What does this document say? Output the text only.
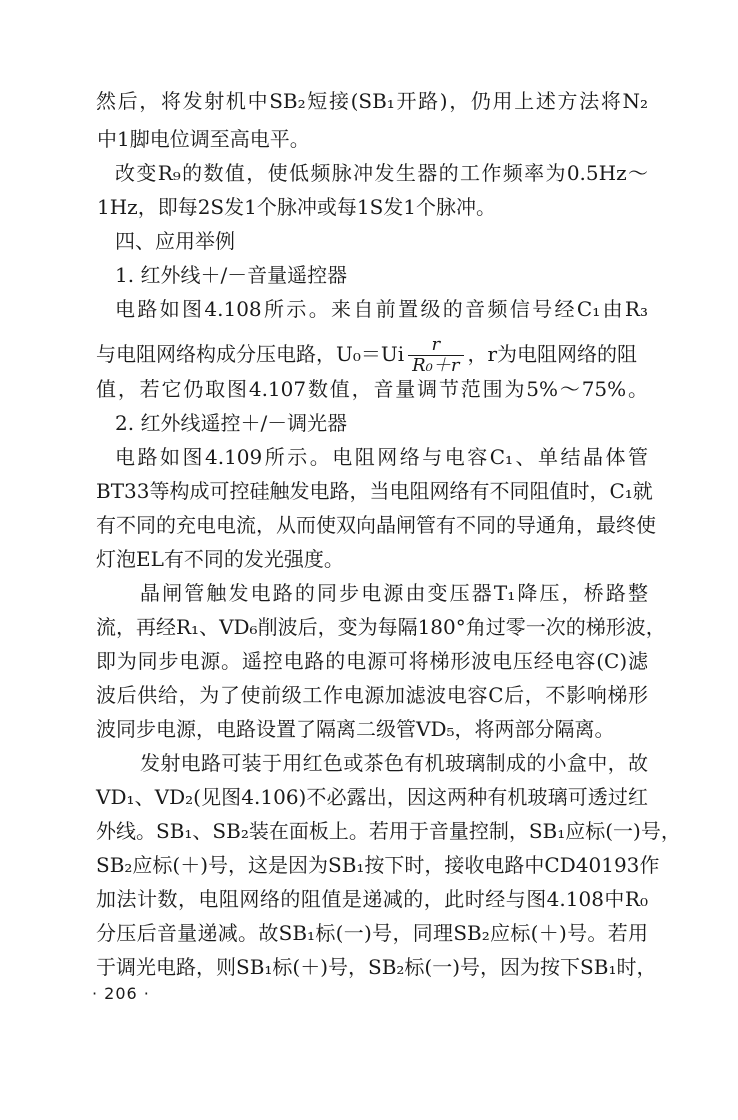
然后，将发射机中SB₂短接(SB₁开路)，仍用上述方法将N₂
中1脚电位调至高电平。
改变R₉的数值，使低频脉冲发生器的工作频率为0.5Hz～
1Hz，即每2S发1个脉冲或每1S发1个脉冲。
四、应用举例
1. 红外线＋/－音量遥控器
电路如图4.108所示。来自前置级的音频信号经C₁由R₃
与电阻网络构成分压电路，$U_0=Ui \frac{r}{\text{R₀＋r}}$ ，r为电阻网络的阻
值，若它仍取图4.107数值，音量调节范围为5%～75%。
2. 红外线遥控＋/－调光器
电路如图4.109所示。电阻网络与电容C₁、单结晶体管
BT33等构成可控硅触发电路，当电阻网络有不同阻值时，C₁就
有不同的充电电流，从而使双向晶闸管有不同的导通角，最终使
灯泡EL有不同的发光强度。
晶闸管触发电路的同步电源由变压器T₁降压，桥路整
流，再经R₁、VD₆削波后，变为每隔180°角过零一次的梯形波，
即为同步电源。遥控电路的电源可将梯形波电压经电容(C)滤
波后供给，为了使前级工作电源加滤波电容C后，不影响梯形
波同步电源，电路设置了隔离二级管VD₅，将两部分隔离。
发射电路可装于用红色或茶色有机玻璃制成的小盒中，故
VD₁、VD₂(见图4.106)不必露出，因这两种有机玻璃可透过红
外线。SB₁、SB₂装在面板上。若用于音量控制，SB₁应标(一)号，
SB₂应标(＋)号，这是因为SB₁按下时，接收电路中CD40193作
加法计数，电阻网络的阻值是递减的，此时经与图4.108中R₀
分压后音量递减。故SB₁标(一)号，同理SB₂应标(＋)号。若用
于调光电路，则SB₁标(＋)号，SB₂标(一)号，因为按下SB₁时，
· 206 ·
